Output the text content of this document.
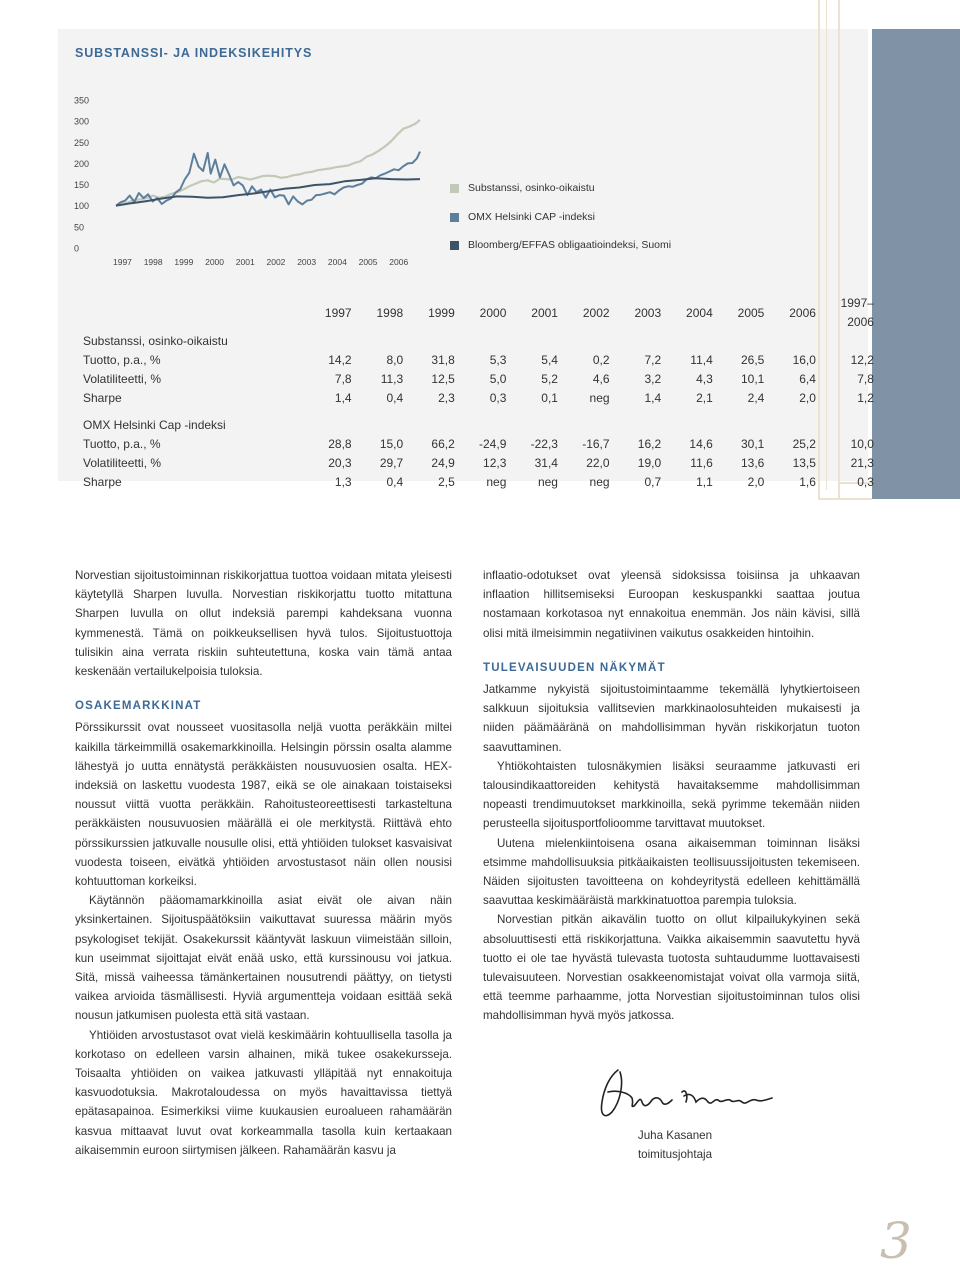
SUBSTANSSI- JA INDEKSIKEHITYS
0
50
100
150
200
250
300
350
1997 1998 1999 2000 2001 2002 2003 2004 2005 2006
Substanssi, osinko-oikaistu
OMX Helsinki CAP -indeksi
Bloomberg/EFFAS obligaatioindeksi, Suomi
	1997	1998	1999	2000	2001	2002	2003	2004	2005	2006	1997–2006
Substanssi, osinko-oikaistu											
Tuotto, p.a., %	14,2	8,0	31,8	5,3	5,4	0,2	7,2	11,4	26,5	16,0	12,2
Volatiliteetti, %	7,8	11,3	12,5	5,0	5,2	4,6	3,2	4,3	10,1	6,4	7,8
Sharpe	1,4	0,4	2,3	0,3	0,1	neg	1,4	2,1	2,4	2,0	1,2

OMX Helsinki Cap -indeksi											
Tuotto, p.a., %	28,8	15,0	66,2	-24,9	-22,3	-16,7	16,2	14,6	30,1	25,2	10,0
Volatiliteetti, %	20,3	29,7	24,9	12,3	31,4	22,0	19,0	11,6	13,6	13,5	21,3
Sharpe	1,3	0,4	2,5	neg	neg	neg	0,7	1,1	2,0	1,6	0,3

Norvestian sijoitustoiminnan riskikorjattua tuottoa voidaan mitata yleisesti käytetyllä Sharpen luvulla. Norvestian riskikorjattu tuotto mitattuna Sharpen luvulla on ollut indeksiä parempi kahdeksana vuonna kymmenestä. Tämä on poikkeuksellisen hyvä tulos. Sijoitustuottoja tulisikin aina verrata riskiin suhteutettuna, koska vain tämä antaa keskenään vertailukelpoisia tuloksia.

OSAKEMARKKINAT

Pörssikurssit ovat nousseet vuositasolla neljä vuotta peräkkäin miltei kaikilla tärkeimmillä osakemarkkinoilla. Helsingin pörssin osalta alamme lähestyä jo uutta ennätystä peräkkäisten nousuvuosien osalta. HEX-indeksiä on laskettu vuodesta 1987, eikä se ole ainakaan toistaiseksi noussut viittä vuotta peräkkäin. Rahoitusteoreettisesti tarkasteltuna peräkkäisten nousuvuosien määrällä ei ole merkitystä. Riittävä ehto pörssikurssien jatkuvalle nousulle olisi, että yhtiöiden tulokset kasvaisivat vuodesta toiseen, eivätkä yhtiöiden arvostustasot näin ollen nousisi kohtuuttoman korkeiksi.

Käytännön pääomamarkkinoilla asiat eivät ole aivan näin yksinkertainen. Sijoituspäätöksiin vaikuttavat suuressa määrin myös psykologiset tekijät. Osakekurssit kääntyvät laskuun viimeistään silloin, kun useimmat sijoittajat eivät enää usko, että kurssinousu voi jatkua. Sitä, missä vaiheessa tämänkertainen nousutrendi päättyy, on tietysti vaikea arvioida täsmällisesti. Hyviä argumentteja voidaan esittää sekä nousun jatkumisen puolesta että sitä vastaan.

Yhtiöiden arvostustasot ovat vielä keskimäärin kohtuullisella tasolla ja korkotaso on edelleen varsin alhainen, mikä tukee osakekursseja. Toisaalta yhtiöiden on vaikea jatkuvasti ylläpitää nyt ennakoituja kasvuodotuksia. Makrotaloudessa on myös havaittavissa tiettyä epätasapainoa. Esimerkiksi viime kuukausien euroalueen rahamäärän kasvua mittaavat luvut ovat korkeammalla tasolla kuin kertaakaan aikaisemmin euroon siirtymisen jälkeen. Rahamäärän kasvu ja

inflaatio-odotukset ovat yleensä sidoksissa toisiinsa ja uhkaavan inflaation hillitsemiseksi Euroopan keskuspankki saattaa joutua nostamaan korkotasoa nyt ennakoitua enemmän. Jos näin kävisi, sillä olisi mitä ilmeisimmin negatiivinen vaikutus osakkeiden hintoihin.

TULEVAISUUDEN NÄKYMÄT

Jatkamme nykyistä sijoitustoimintaamme tekemällä lyhytkiertoiseen salkkuun sijoituksia vallitsevien markkinaolosuhteiden mukaisesti ja niiden päämääränä on mahdollisimman hyvän riskikorjatun tuoton saavuttaminen.

Yhtiökohtaisten tulosnäkymien lisäksi seuraamme jatkuvasti eri talousindikaattoreiden kehitystä havaitaksemme mahdollisimman nopeasti trendimuutokset markkinoilla, sekä pyrimme tekemään niiden perusteella sijoitusportfolioomme tarvittavat muutokset.

Uutena mielenkiintoisena osana aikaisemman toiminnan lisäksi etsimme mahdollisuuksia pitkäaikaisten teollisuussijoitusten tekemiseen. Näiden sijoitusten tavoitteena on kohdeyritystä edelleen kehittämällä saavuttaa keskimääräistä markkinatuottoa parempia tuloksia.

Norvestian pitkän aikavälin tuotto on ollut kilpailukykyinen sekä absoluuttisesti että riskikorjattuna. Vaikka aikaisemmin saavutettu hyvä tuotto ei ole tae hyvästä tulevasta tuotosta suhtaudumme luottavaisesti tulevaisuuteen. Norvestian osakkeenomistajat voivat olla varmoja siitä, että teemme parhaamme, jotta Norvestian sijoitustoiminnan tulos olisi mahdollisimman hyvä myös jatkossa.

Juha Kasanen
toimitusjohtaja
3
